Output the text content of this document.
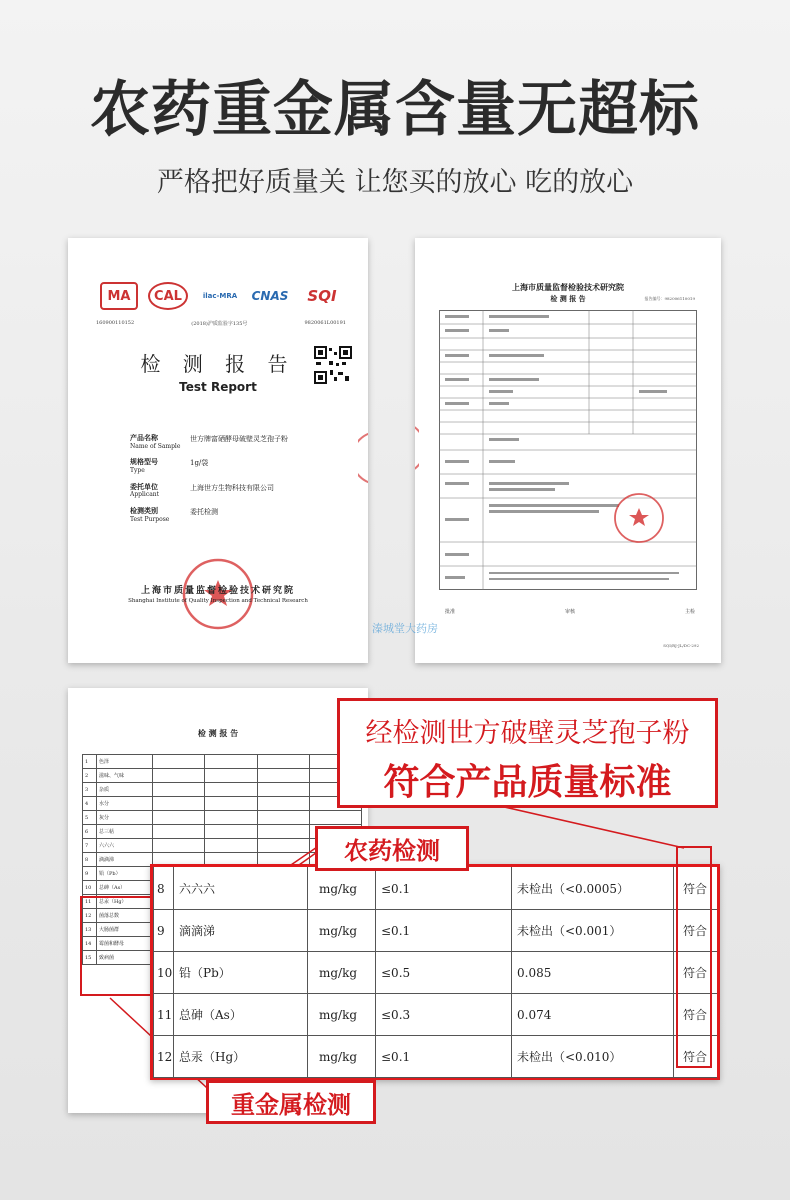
农药重金属含量无超标
严格把好质量关 让您买的放心 吃的放心
MA	CAL	ilac-MRA	CNAS	SQI
160900110152	(2018)沪质监验字135号	9820061L00191
检 测 报 告
Test Report
产品名称
Name of Sample
世方牌富硒酵母破壁灵芝孢子粉
规格型号
Type
1g/袋
委托单位
Applicant
上海世方生物科技有限公司
检测类别
Test Purpose
委托检测
上海市质量监督检验技术研究院
Shanghai Institute of Quality Inspection and Technical Research
上海市质量监督检验技术研究院
检 测 报 告	报告编号：982006110019
批准	审核	主检
SQI/RJ-JL/DC-292
溱城堂大药房
检 测 报 告
1	色泽				
2	滋味、气味				
3	杂质				
4	水分				
5	灰分				
6	总三萜				
7	六六六				
8	滴滴涕				
9	铅（Pb）				
10	总砷（As）				
11	总汞（Hg）				
12	菌落总数				
13	大肠菌群				
14	霉菌和酵母				
15	致病菌				
8 六六六	mg/kg ≤0.1	未检出（<0.0005）	符合
9 滴滴涕	mg/kg ≤0.1	未检出（<0.001）	符合
10 铅（Pb）	mg/kg ≤0.5	0.085	符合
11 总砷（As）	mg/kg ≤0.3	0.074	符合
12 总汞（Hg）	mg/kg ≤0.1	未检出（<0.010）	符合
经检测世方破壁灵芝孢子粉
符合产品质量标准
农药检测
重金属检测
